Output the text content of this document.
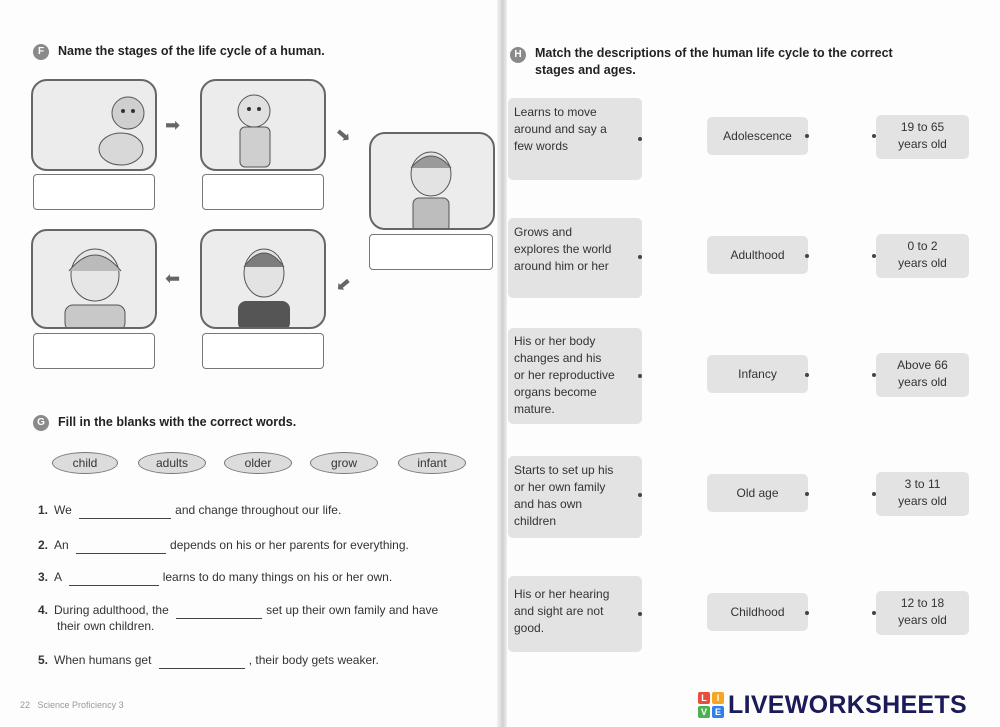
F	Name the stages of the life cycle of a human.
➡	➡
➡
➡
G	Fill in the blanks with the correct words.
child	adults	older	grow	infant
1. We	and change throughout our life.
2. An	depends on his or her parents for everything.
3. A	learns to do many things on his or her own.
4. During adulthood, the	set up their own family and have
their own children.
5. When humans get	, their body gets weaker.
22 Science Proficiency 3
H	Match the descriptions of the human life cycle to the correct
stages and ages.
Learns to move
around and say a
few words
Adolescence
19 to 65
years old
Grows and
explores the world
around him or her
Adulthood
0 to 2
years old
His or her body
changes and his
or her reproductive
organs become
mature.
Infancy
Above 66
years old
Starts to set up his
or her own family
and has own
children
Old age
3 to 11
years old
His or her hearing
and sight are not
good.
Childhood
12 to 18
years old
L	I
V E LIVEWORKSHEETS
